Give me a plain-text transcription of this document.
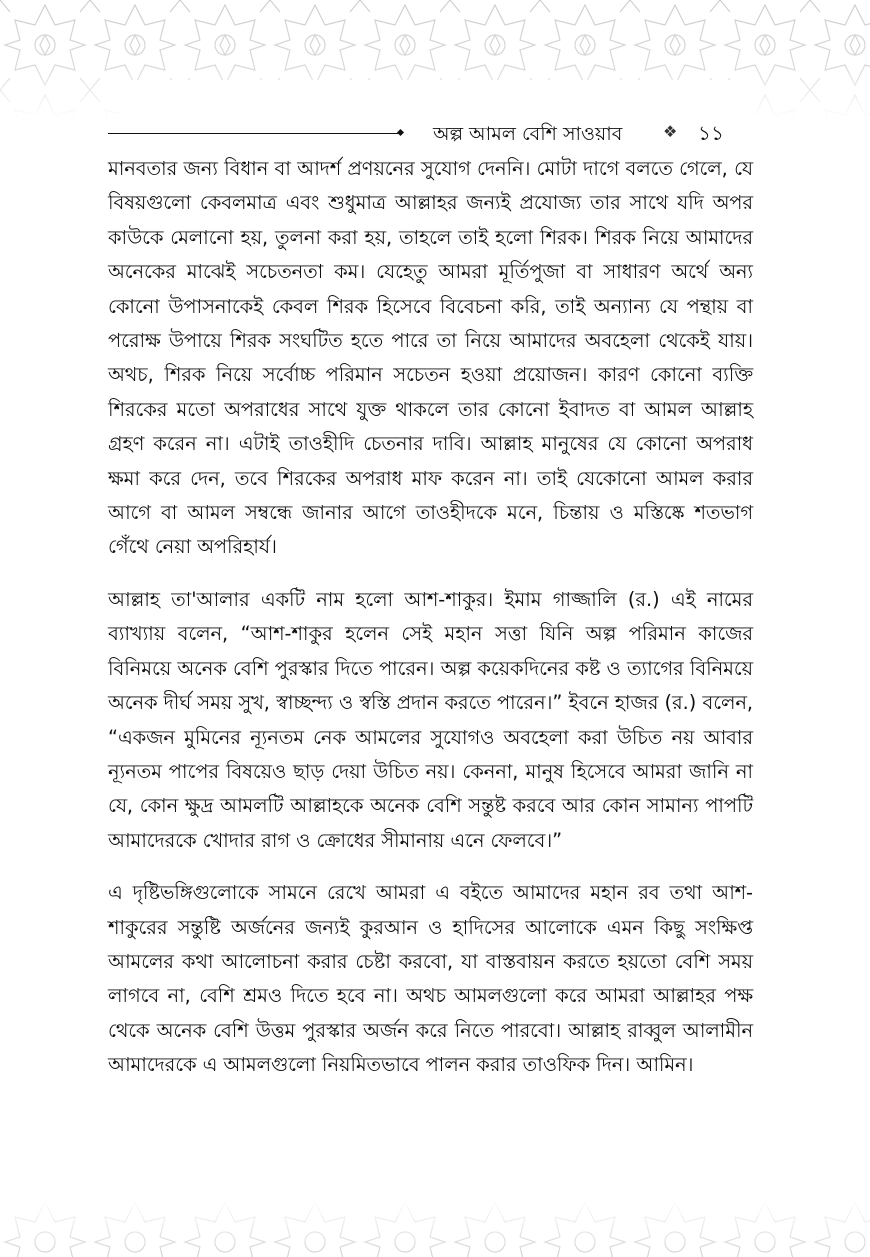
অল্প আমল বেশি সাওয়াব	❖ ১১

মানবতার জন্য বিধান বা আদর্শ প্রণয়নের সুযোগ দেননি। মোটা দাগে বলতে গেলে, যে বিষয়গুলো কেবলমাত্র এবং শুধুমাত্র আল্লাহর জন্যই প্রযোজ্য তার সাথে যদি অপর কাউকে মেলানো হয়, তুলনা করা হয়, তাহলে তাই হলো শিরক। শিরক নিয়ে আমাদের অনেকের মাঝেই সচেতনতা কম। যেহেতু আমরা মূর্তিপুজা বা সাধারণ অর্থে অন্য কোনো উপাসনাকেই কেবল শিরক হিসেবে বিবেচনা করি, তাই অন্যান্য যে পন্থায় বা পরোক্ষ উপায়ে শিরক সংঘটিত হতে পারে তা নিয়ে আমাদের অবহেলা থেকেই যায়। অথচ, শিরক নিয়ে সর্বোচ্চ পরিমান সচেতন হওয়া প্রয়োজন। কারণ কোনো ব্যক্তি শিরকের মতো অপরাধের সাথে যুক্ত থাকলে তার কোনো ইবাদত বা আমল আল্লাহ গ্রহণ করেন না। এটাই তাওহীদি চেতনার দাবি। আল্লাহ মানুষের যে কোনো অপরাধ ক্ষমা করে দেন, তবে শিরকের অপরাধ মাফ করেন না। তাই যেকোনো আমল করার আগে বা আমল সম্বন্ধে জানার আগে তাওহীদকে মনে, চিন্তায় ও মস্তিষ্কে শতভাগ গেঁথে নেয়া অপরিহার্য।

আল্লাহ তা'আলার একটি নাম হলো আশ-শাকুর। ইমাম গাজ্জালি (র.) এই নামের ব্যাখ্যায় বলেন, “আশ-শাকুর হলেন সেই মহান সত্তা যিনি অল্প পরিমান কাজের বিনিময়ে অনেক বেশি পুরস্কার দিতে পারেন। অল্প কয়েকদিনের কষ্ট ও ত্যাগের বিনিময়ে অনেক দীর্ঘ সময় সুখ, স্বাচ্ছন্দ্য ও স্বস্তি প্রদান করতে পারেন।” ইবনে হাজর (র.) বলেন, “একজন মুমিনের ন্যূনতম নেক আমলের সুযোগও অবহেলা করা উচিত নয় আবার ন্যূনতম পাপের বিষয়েও ছাড় দেয়া উচিত নয়। কেননা, মানুষ হিসেবে আমরা জানি না যে, কোন ক্ষুদ্র আমলটি আল্লাহকে অনেক বেশি সন্তুষ্ট করবে আর কোন সামান্য পাপটি আমাদেরকে খোদার রাগ ও ক্রোধের সীমানায় এনে ফেলবে।”

এ দৃষ্টিভঙ্গিগুলোকে সামনে রেখে আমরা এ বইতে আমাদের মহান রব তথা আশ-শাকুরের সন্তুষ্টি অর্জনের জন্যই কুরআন ও হাদিসের আলোকে এমন কিছু সংক্ষিপ্ত আমলের কথা আলোচনা করার চেষ্টা করবো, যা বাস্তবায়ন করতে হয়তো বেশি সময় লাগবে না, বেশি শ্রমও দিতে হবে না। অথচ আমলগুলো করে আমরা আল্লাহর পক্ষ থেকে অনেক বেশি উত্তম পুরস্কার অর্জন করে নিতে পারবো। আল্লাহ রাব্বুল আলামীন আমাদেরকে এ আমলগুলো নিয়মিতভাবে পালন করার তাওফিক দিন। আমিন।
